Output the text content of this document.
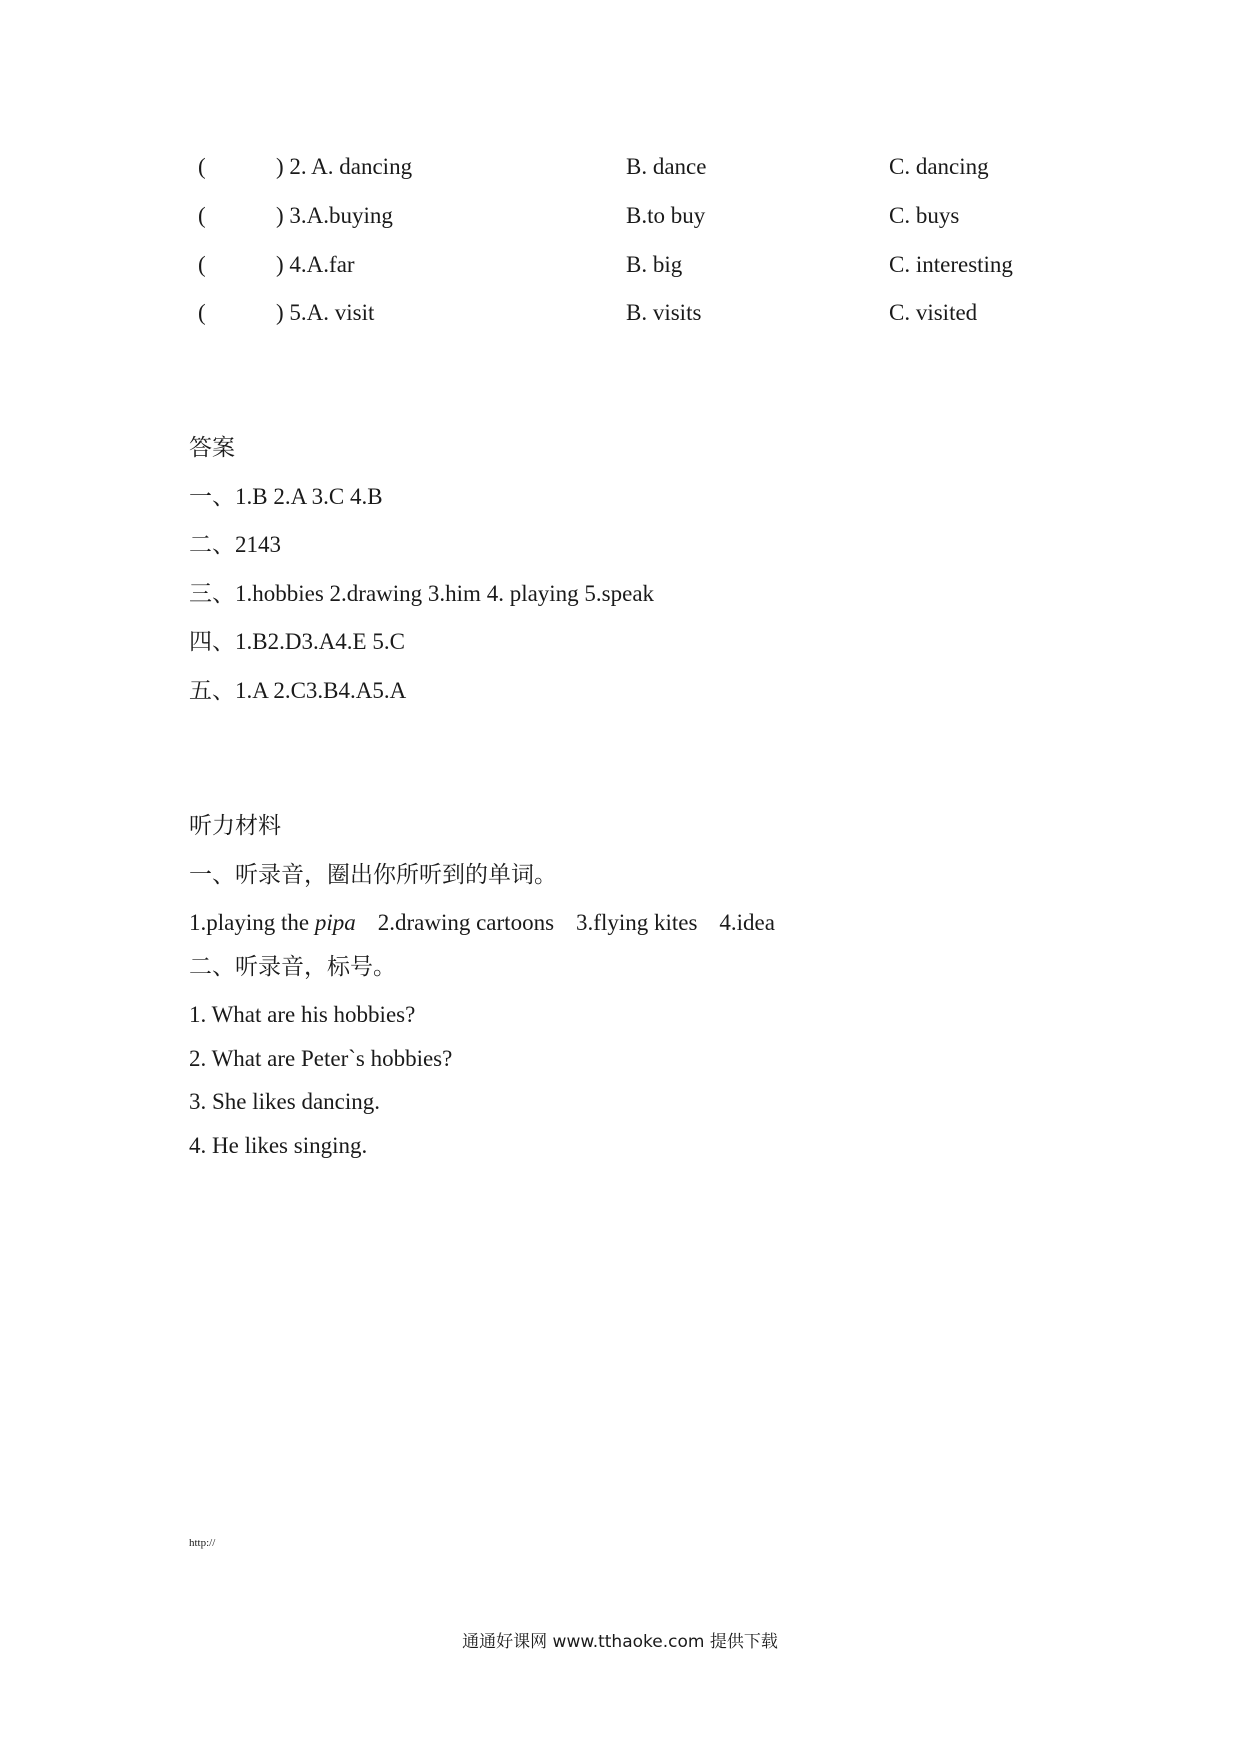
(	) 2. A. dancing	B. dance	C. dancing
(	) 3.A.buying	B.to buy	C. buys
(	) 4.A.far	B. big	C. interesting
(	) 5.A. visit	B. visits	C. visited
答案
一、1.B 2.A 3.C 4.B
二、2143
三、1.hobbies 2.drawing 3.him 4. playing 5.speak
四、1.B2.D3.A4.E 5.C
五、1.A 2.C3.B4.A5.A
听力材料
一、听录音，圈出你所听到的单词。
1.playing the pipa 2.drawing cartoons 3.flying kites 4.idea
二、听录音，标号。
1. What are his hobbies?
2. What are Peter`s hobbies?
3. She likes dancing.
4. He likes singing.
http://
通通好课网 www.tthaoke.com 提供下载
